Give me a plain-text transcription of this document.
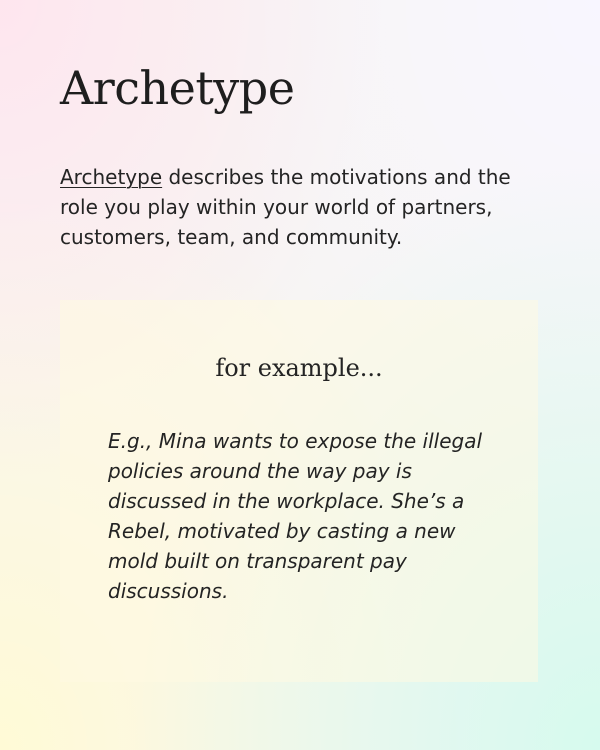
Archetype

Archetype describes the motivations and the role you play within your world of partners, customers, team, and community.

for example...

E.g., Mina wants to expose the illegal policies around the way pay is discussed in the workplace. She’s a Rebel, motivated by casting a new mold built on transparent pay discussions.
